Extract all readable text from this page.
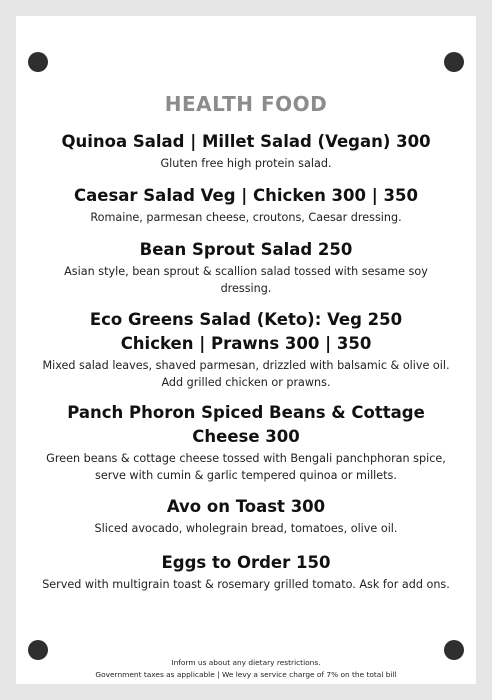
HEALTH FOOD
Quinoa Salad | Millet Salad (Vegan) 300
Gluten free high protein salad.
Caesar Salad Veg | Chicken 300 | 350
Romaine, parmesan cheese, croutons, Caesar dressing.
Bean Sprout Salad 250
Asian style, bean sprout & scallion salad tossed with sesame soy dressing.
Eco Greens Salad (Keto): Veg 250
Chicken | Prawns 300 | 350
Mixed salad leaves, shaved parmesan, drizzled with balsamic & olive oil. Add grilled chicken or prawns.
Panch Phoron Spiced Beans & Cottage
Cheese 300
Green beans & cottage cheese tossed with Bengali panchphoran spice, serve with cumin & garlic tempered quinoa or millets.
Avo on Toast 300
Sliced avocado, wholegrain bread, tomatoes, olive oil.
Eggs to Order 150
Served with multigrain toast & rosemary grilled tomato. Ask for add ons.
Inform us about any dietary restrictions.
Government taxes as applicable | We levy a service charge of 7% on the total bill
